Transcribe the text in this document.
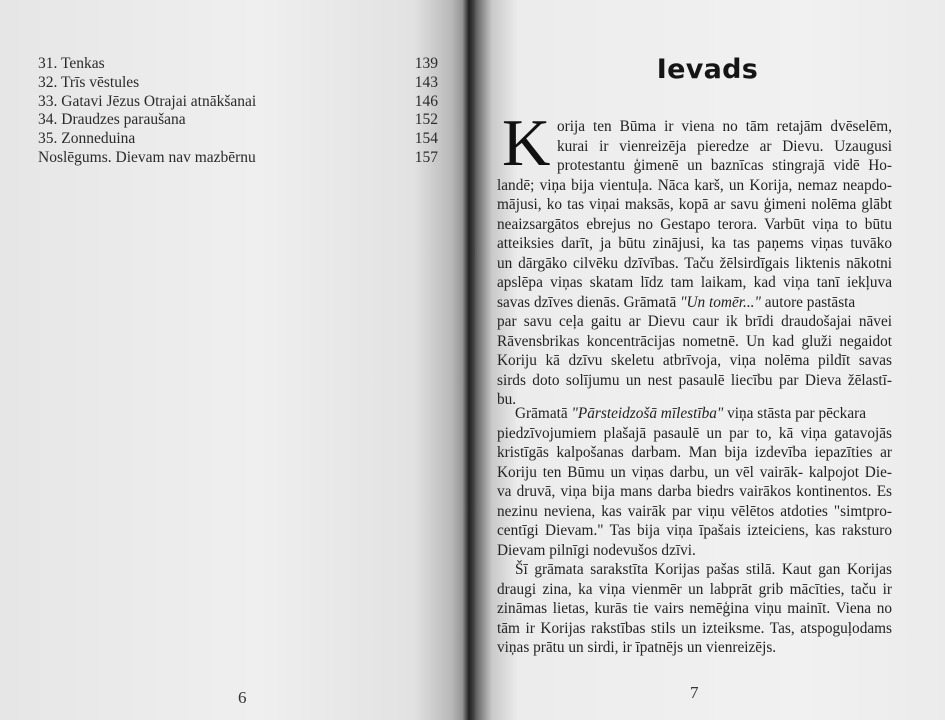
31. Tenkas	139
32. Trīs vēstules	143
33. Gatavi Jēzus Otrajai atnākšanai	146
34. Draudzes paraušana	152
35. Zonneduina	154
Noslēgums. Dievam nav mazbērnu	157
6
Ievads
7
K orija ten Būma ir viena no tām retajām dvēselēm,
kurai ir vienreizēja pieredze ar Dievu. Uzaugusi
protestantu ģimenē un baznīcas stingrajā vidē Ho-
landē; viņa bija vientuļa. Nāca karš, un Korija, nemaz neapdo-
mājusi, ko tas viņai maksās, kopā ar savu ģimeni nolēma glābt
neaizsargātos ebrejus no Gestapo terora. Varbūt viņa to būtu
atteiksies darīt, ja būtu zinājusi, ka tas paņems viņas tuvāko
un dārgāko cilvēku dzīvības. Taču žēlsirdīgais liktenis nākotni
apslēpa viņas skatam līdz tam laikam, kad viņa tanī iekļuva
savas dzīves dienās. Grāmatā "Un tomēr..." autore pastāsta
par savu ceļa gaitu ar Dievu caur ik brīdi draudošajai nāvei
Rāvensbrikas koncentrācijas nometnē. Un kad gluži negaidot
Koriju kā dzīvu skeletu atbrīvoja, viņa nolēma pildīt savas
sirds doto solījumu un nest pasaulē liecību par Dieva žēlastī-
bu.
Grāmatā "Pārsteidzošā mīlestība" viņa stāsta par pēckara
piedzīvojumiem plašajā pasaulē un par to, kā viņa gatavojās
kristīgās kalpošanas darbam. Man bija izdevība iepazīties ar
Koriju ten Būmu un viņas darbu, un vēl vairāk- kalpojot Die-
va druvā, viņa bija mans darba biedrs vairākos kontinentos. Es
nezinu neviena, kas vairāk par viņu vēlētos atdoties "simtpro-
centīgi Dievam." Tas bija viņa īpašais izteiciens, kas raksturo
Dievam pilnīgi nodevušos dzīvi.
Šī grāmata sarakstīta Korijas pašas stilā. Kaut gan Korijas
draugi zina, ka viņa vienmēr un labprāt grib mācīties, taču ir
zināmas lietas, kurās tie vairs nemēģina viņu mainīt. Viena no
tām ir Korijas rakstības stils un izteiksme. Tas, atspoguļodams
viņas prātu un sirdi, ir īpatnējs un vienreizējs.
